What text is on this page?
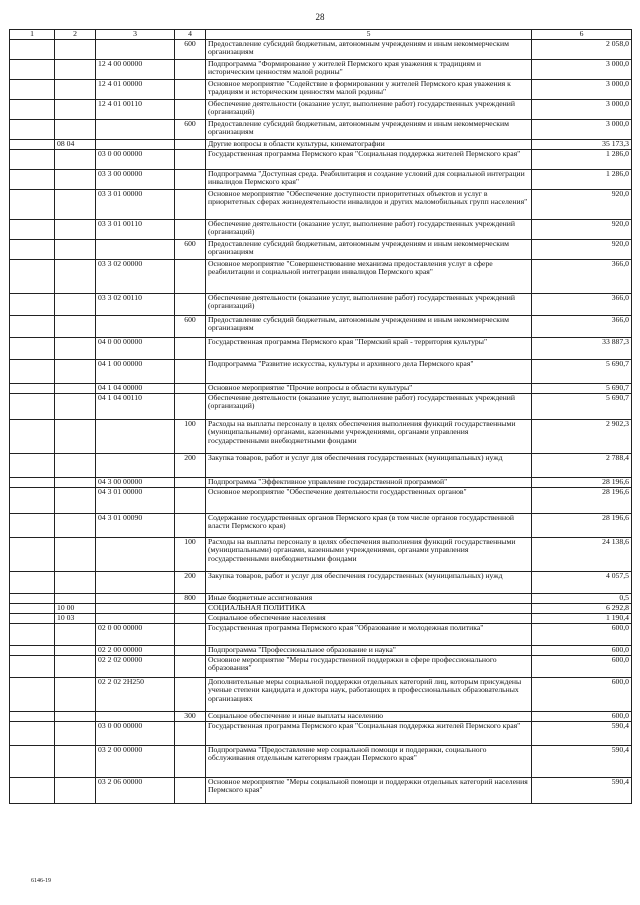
28
1	2	3	4	5	6
			600	Предоставление субсидий бюджетным, автономным учреждениям и иным некоммерческим организациям	2 058,0
		12 4 00 00000		Подпрограмма "Формирование у жителей Пермского края уважения к традициям и историческим ценностям малой родины"	3 000,0
		12 4 01 00000		Основное мероприятие "Содействие в формировании у жителей Пермского края уважения к традициям и историческим ценностям малой родины"	3 000,0
		12 4 01 00110		Обеспечение деятельности (оказание услуг, выполнение работ) государственных учреждений (организаций)	3 000,0
			600	Предоставление субсидий бюджетным, автономным учреждениям и иным некоммерческим организациям	3 000,0
	08 04			Другие вопросы в области культуры, кинематографии	35 173,3
		03 0 00 00000		Государственная программа Пермского края "Социальная поддержка жителей Пермского края"	1 286,0
		03 3 00 00000		Подпрограмма "Доступная среда. Реабилитация и создание условий для социальной интеграции инвалидов Пермского края"	1 286,0
		03 3 01 00000		Основное мероприятие "Обеспечение доступности приоритетных объектов и услуг в приоритетных сферах жизнедеятельности инвалидов и других маломобильных групп населения"	920,0
		03 3 01 00110		Обеспечение деятельности (оказание услуг, выполнение работ) государственных учреждений (организаций)	920,0
			600	Предоставление субсидий бюджетным, автономным учреждениям и иным некоммерческим организациям	920,0
		03 3 02 00000		Основное мероприятие "Совершенствование механизма предоставления услуг в сфере реабилитации и социальной интеграции инвалидов Пермского края"	366,0
		03 3 02 00110		Обеспечение деятельности (оказание услуг, выполнение работ) государственных учреждений (организаций)	366,0
			600	Предоставление субсидий бюджетным, автономным учреждениям и иным некоммерческим организациям	366,0
		04 0 00 00000		Государственная программа Пермского края "Пермский край - территория культуры"	33 887,3
		04 1 00 00000		Подпрограмма "Развитие искусства, культуры и архивного дела Пермского края"	5 690,7
		04 1 04 00000		Основное мероприятие "Прочие вопросы в области культуры"	5 690,7
		04 1 04 00110		Обеспечение деятельности (оказание услуг, выполнение работ) государственных учреждений (организаций)	5 690,7
			100	Расходы на выплаты персоналу в целях обеспечения выполнения функций государственными (муниципальными) органами, казенными учреждениями, органами управления государственными внебюджетными фондами	2 902,3
			200	Закупка товаров, работ и услуг для обеспечения государственных (муниципальных) нужд	2 788,4
		04 3 00 00000		Подпрограмма "Эффективное управление государственной программой"	28 196,6
		04 3 01 00000		Основное мероприятие "Обеспечение деятельности государственных органов"	28 196,6
		04 3 01 00090		Содержание государственных органов Пермского края (в том числе органов государственной власти Пермского края)	28 196,6
			100	Расходы на выплаты персоналу в целях обеспечения выполнения функций государственными (муниципальными) органами, казенными учреждениями, органами управления государственными внебюджетными фондами	24 138,6
			200	Закупка товаров, работ и услуг для обеспечения государственных (муниципальных) нужд	4 057,5
			800	Иные бюджетные ассигнования	0,5
	10 00			СОЦИАЛЬНАЯ ПОЛИТИКА	6 292,8
	10 03			Социальное обеспечение населения	1 190,4
		02 0 00 00000		Государственная программа Пермского края "Образование и молодежная политика"	600,0
		02 2 00 00000		Подпрограмма "Профессиональное образование и наука"	600,0
		02 2 02 00000		Основное мероприятие "Меры государственной поддержки в сфере профессионального образования"	600,0
		02 2 02 2H250		Дополнительные меры социальной поддержки отдельных категорий лиц, которым присуждены ученые степени кандидата и доктора наук, работающих в профессиональных образовательных организациях	600,0
			300	Социальное обеспечение и иные выплаты населению	600,0
		03 0 00 00000		Государственная программа Пермского края "Социальная поддержка жителей Пермского края"	590,4
		03 2 00 00000		Подпрограмма "Предоставление мер социальной помощи и поддержки, социального обслуживания отдельным категориям граждан Пермского края"	590,4
		03 2 06 00000		Основное мероприятие "Меры социальной помощи и поддержки отдельных категорий населения Пермского края"	590,4
6146-19
